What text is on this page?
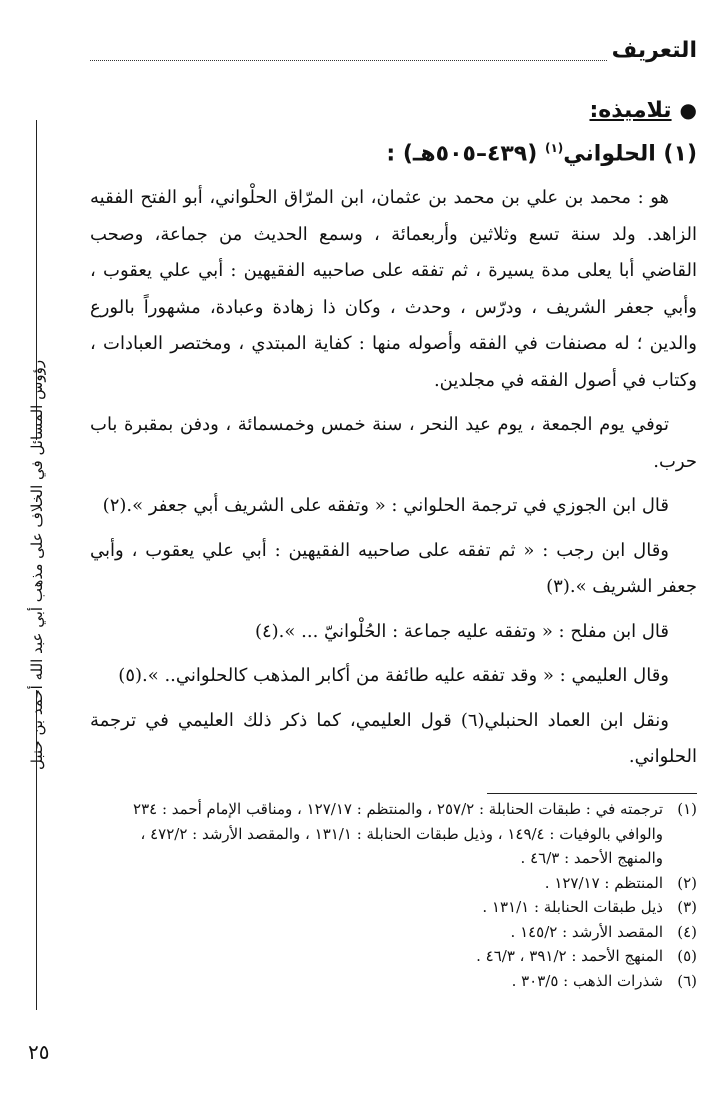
التعريف
رؤوس المسائل في الخلاف على مذهب أبي عبد الله أحمد بن حنبل
●تلاميذه:
(١) الحلواني$^{(١)}$ (٤٣٩–٥٠٥هـ) :

هو : محمد بن علي بن محمد بن عثمان، ابن المرّاق الحلْواني، أبو الفتح الفقيه الزاهد. ولد سنة تسع وثلاثين وأربعمائة ، وسمع الحديث من جماعة، وصحب القاضي أبا يعلى مدة يسيرة ، ثم تفقه على صاحبيه الفقيهين : أبي علي يعقوب ، وأبي جعفر الشريف ، ودرّس ، وحدث ، وكان ذا زهادة وعبادة، مشهوراً بالورع والدين ؛ له مصنفات في الفقه وأصوله منها : كفاية المبتدي ، ومختصر العبادات ، وكتاب في أصول الفقه في مجلدين.

توفي يوم الجمعة ، يوم عيد النحر ، سنة خمس وخمسمائة ، ودفن بمقبرة باب حرب.

قال ابن الجوزي في ترجمة الحلواني : « وتفقه على الشريف أبي جعفر ».(٢)

وقال ابن رجب : « ثم تفقه على صاحبيه الفقيهين : أبي علي يعقوب ، وأبي جعفر الشريف ».(٣)

قال ابن مفلح : « وتفقه عليه جماعة : الحُلْوانيّ ... ».(٤)

وقال العليمي : « وقد تفقه عليه طائفة من أكابر المذهب كالحلواني.. ».(٥)

ونقل ابن العماد الحنبلي(٦) قول العليمي، كما ذكر ذلك العليمي في ترجمة الحلواني.

(١)
ترجمته في : طبقات الحنابلة : ٢٥٧/٢ ، والمنتظم : ١٢٧/١٧ ، ومناقب الإمام أحمد : ٢٣٤ والوافي بالوفيات : ١٤٩/٤ ، وذيل طبقات الحنابلة : ١٣١/١ ، والمقصد الأرشد : ٤٧٢/٢ ، والمنهج الأحمد : ٤٦/٣ .
(٢)
المنتظم : ١٢٧/١٧ .
(٣)
ذيل طبقات الحنابلة : ١٣١/١ .
(٤)
المقصد الأرشد : ١٤٥/٢ .
(٥)
المنهج الأحمد : ٣٩١/٢ ، ٤٦/٣ .
(٦)
شذرات الذهب : ٣٠٣/٥ .
٢٥
